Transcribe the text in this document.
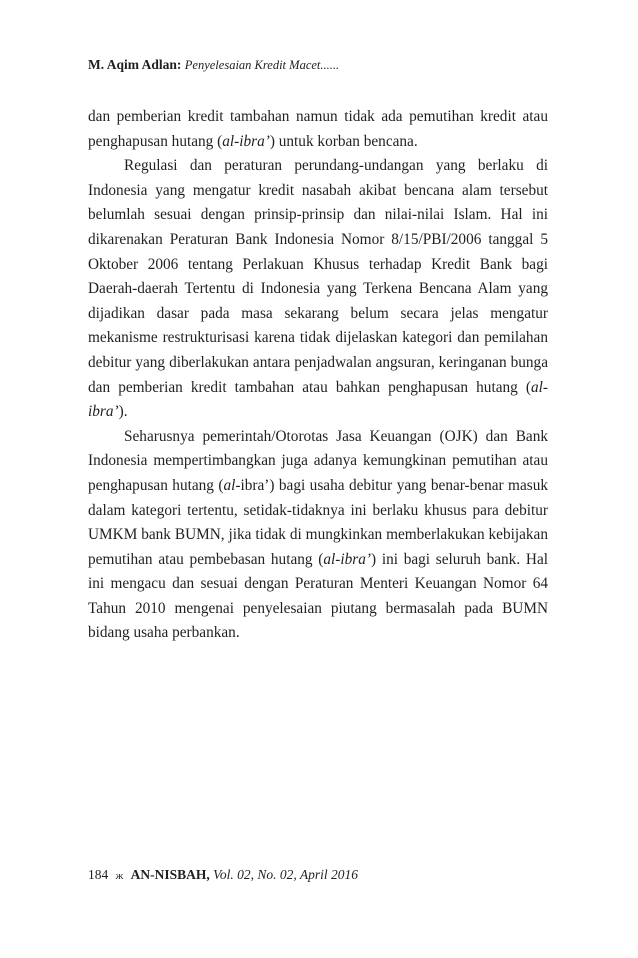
M. Aqim Adlan: Penyelesaian Kredit Macet......

dan pemberian kredit tambahan namun tidak ada pemutihan kredit atau penghapusan hutang (al-ibra’) untuk korban bencana.

Regulasi dan peraturan perundang-undangan yang berlaku di Indonesia yang mengatur kredit nasabah akibat bencana alam tersebut belumlah sesuai dengan prinsip-prinsip dan nilai-nilai Islam. Hal ini dikarenakan Peraturan Bank Indonesia Nomor 8/15/PBI/2006 tanggal 5 Oktober 2006 tentang Perlakuan Khusus terhadap Kredit Bank bagi Daerah-daerah Tertentu di Indonesia yang Terkena Bencana Alam yang dijadikan dasar pada masa sekarang belum secara jelas mengatur mekanisme restrukturisasi karena tidak dijelaskan kategori dan pemilahan debitur yang diberlakukan antara penjadwalan angsuran, keringanan bunga dan pemberian kredit tambahan atau bahkan penghapusan hutang (al-ibra’).

Seharusnya pemerintah/Otorotas Jasa Keuangan (OJK) dan Bank Indonesia mempertimbangkan juga adanya kemungkinan pemutihan atau penghapusan hutang (al-ibra’) bagi usaha debitur yang benar-benar masuk dalam kategori tertentu, setidak-tidaknya ini berlaku khusus para debitur UMKM bank BUMN, jika tidak di mungkinkan memberlakukan kebijakan pemutihan atau pembebasan hutang (al-ibra’) ini bagi seluruh bank. Hal ini mengacu dan sesuai dengan Peraturan Menteri Keuangan Nomor 64 Tahun 2010 mengenai penyelesaian piutang bermasalah pada BUMN bidang usaha perbankan.

184 ж AN-NISBAH, Vol. 02, No. 02, April 2016
